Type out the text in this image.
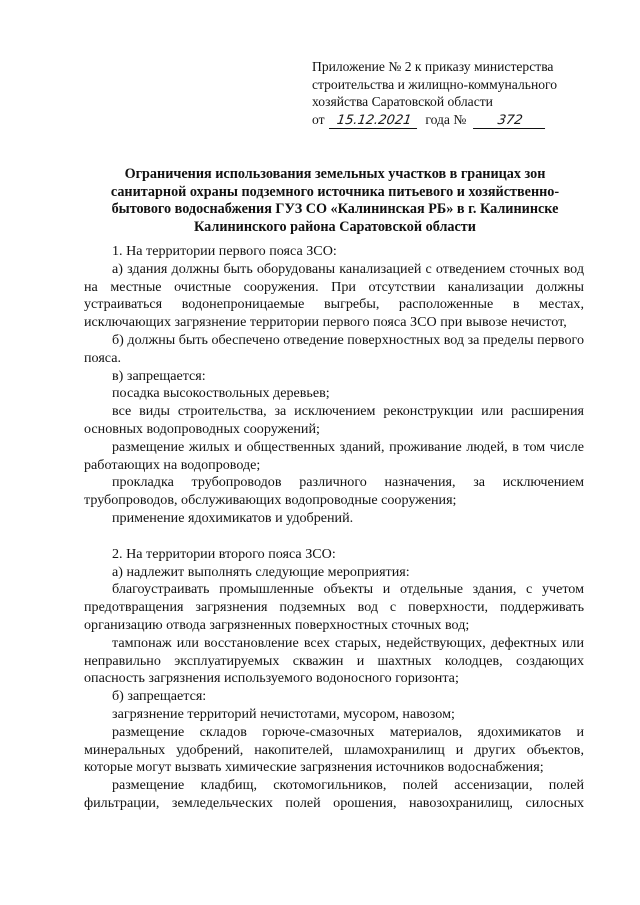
Приложение № 2 к приказу министерства
строительства и жилищно-коммунального
хозяйства Саратовской области
от 15.12.2021 года № 372
Ограничения использования земельных участков в границах зон санитарной охраны подземного источника питьевого и хозяйственно-бытового водоснабжения ГУЗ СО «Калининская РБ» в г. Калининске Калининского района Саратовской области

1. На территории первого пояса ЗСО:

а) здания должны быть оборудованы канализацией с отведением сточных вод на местные очистные сооружения. При отсутствии канализации должны устраиваться водонепроницаемые выгребы, расположенные в местах, исключающих загрязнение территории первого пояса ЗСО при вывозе нечистот,

б) должны быть обеспечено отведение поверхностных вод за пределы первого пояса.

в) запрещается:

посадка высокоствольных деревьев;

все виды строительства, за исключением реконструкции или расширения основных водопроводных сооружений;

размещение жилых и общественных зданий, проживание людей, в том числе работающих на водопроводе;

прокладка трубопроводов различного назначения, за исключением трубопроводов, обслуживающих водопроводные сооружения;

применение ядохимикатов и удобрений.

2. На территории второго пояса ЗСО:

а) надлежит выполнять следующие мероприятия:

благоустраивать промышленные объекты и отдельные здания, с учетом предотвращения загрязнения подземных вод с поверхности, поддерживать организацию отвода загрязненных поверхностных сточных вод;

тампонаж или восстановление всех старых, недействующих, дефектных или неправильно эксплуатируемых скважин и шахтных колодцев, создающих опасность загрязнения используемого водоносного горизонта;

б) запрещается:

загрязнение территорий нечистотами, мусором, навозом;

размещение складов горюче-смазочных материалов, ядохимикатов и минеральных удобрений, накопителей, шламохранилищ и других объектов, которые могут вызвать химические загрязнения источников водоснабжения;

размещение кладбищ, скотомогильников, полей ассенизации, полей фильтрации, земледельческих полей орошения, навозохранилищ, силосных
